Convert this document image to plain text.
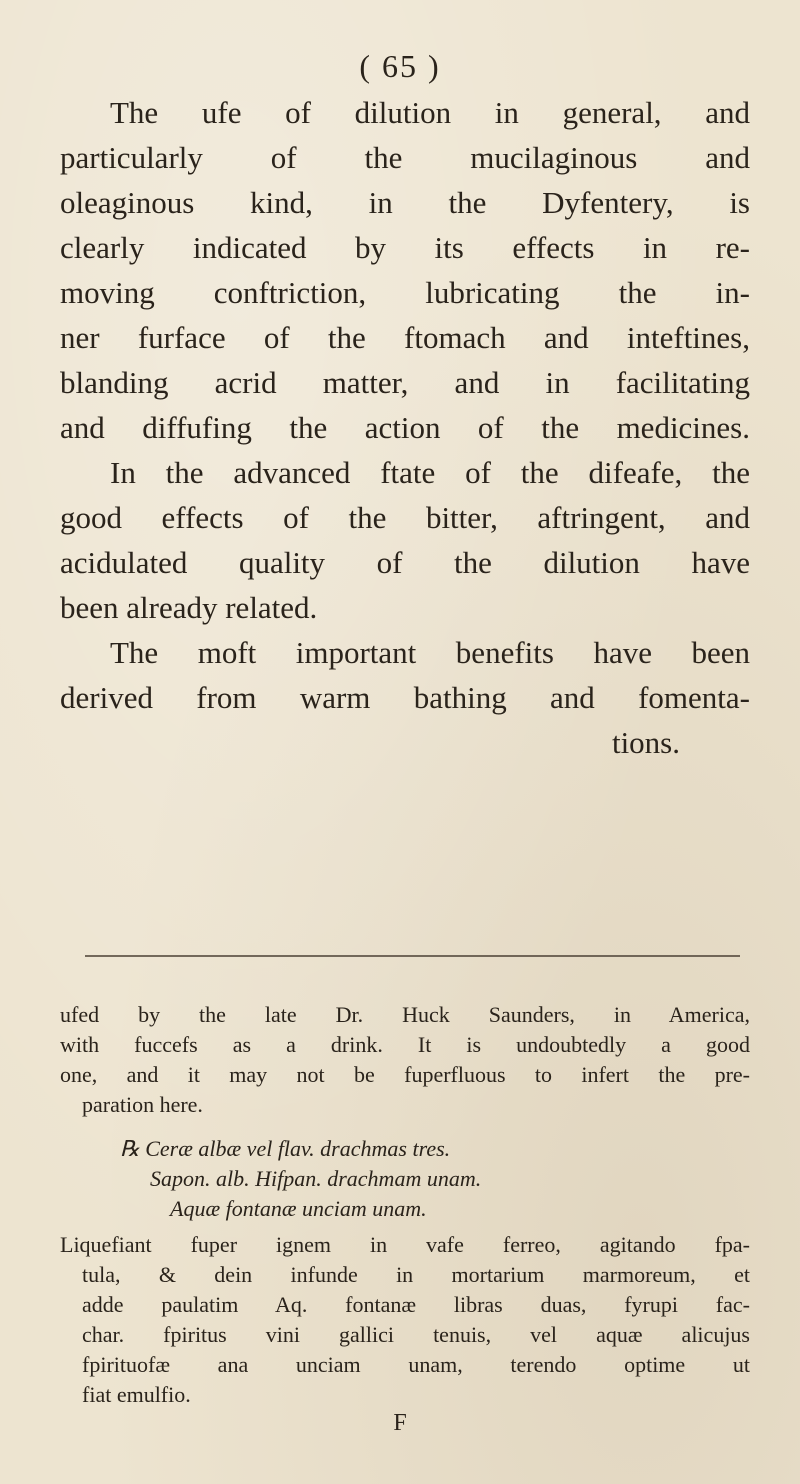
( 65 )
The ufe of dilution in general, and
particularly of the mucilaginous and
oleaginous kind, in the Dyfentery, is
clearly indicated by its effects in re-
moving conftriction, lubricating the in-
ner furface of the ftomach and inteftines,
blanding acrid matter, and in facilitating
and diffufing the action of the medicines.
In the advanced ftate of the difeafe, the
good effects of the bitter, aftringent, and
acidulated quality of the dilution have
been already related.
The moft important benefits have been
derived from warm bathing and fomenta-
tions.
ufed by the late Dr. Huck Saunders, in America,
with fuccefs as a drink. It is undoubtedly a good
one, and it may not be fuperfluous to infert the pre-
paration here.
℞ Ceræ albæ vel flav. drachmas tres.
Sapon. alb. Hifpan. drachmam unam.
Aquæ fontanæ unciam unam.
Liquefiant fuper ignem in vafe ferreo, agitando fpa-
tula, & dein infunde in mortarium marmoreum, et
adde paulatim Aq. fontanæ libras duas, fyrupi fac-
char. fpiritus vini gallici tenuis, vel aquæ alicujus
fpirituofæ ana unciam unam, terendo optime ut
fiat emulfio.
F
